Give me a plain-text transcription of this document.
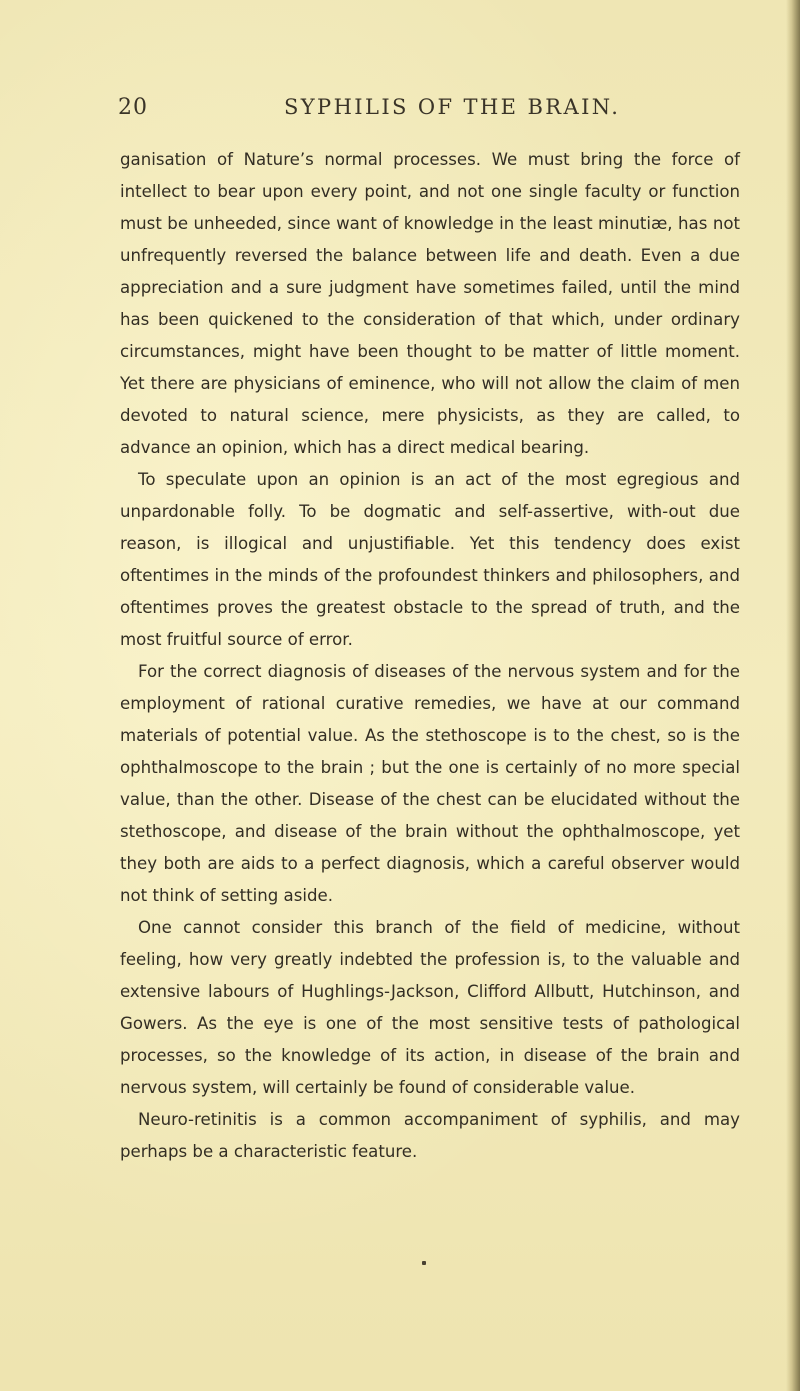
20	SYPHILIS OF THE BRAIN.

ganisation of Nature’s normal processes. We must bring the force of intellect to bear upon every point, and not one single faculty or function must be unheeded, since want of knowledge in the least minutiæ, has not unfrequently reversed the balance between life and death. Even a due appreciation and a sure judgment have sometimes failed, until the mind has been quickened to the consideration of that which, under ordinary circumstances, might have been thought to be matter of little moment. Yet there are physicians of eminence, who will not allow the claim of men devoted to natural science, mere physicists, as they are called, to advance an opinion, which has a direct medical bearing.

To speculate upon an opinion is an act of the most egregious and unpardonable folly. To be dogmatic and self-assertive, with-out due reason, is illogical and unjustifiable. Yet this tendency does exist oftentimes in the minds of the profoundest thinkers and philosophers, and oftentimes proves the greatest obstacle to the spread of truth, and the most fruitful source of error.

For the correct diagnosis of diseases of the nervous system and for the employment of rational curative remedies, we have at our command materials of potential value. As the stethoscope is to the chest, so is the ophthalmoscope to the brain ; but the one is certainly of no more special value, than the other. Disease of the chest can be elucidated without the stethoscope, and disease of the brain without the ophthalmoscope, yet they both are aids to a perfect diagnosis, which a careful observer would not think of setting aside.

One cannot consider this branch of the field of medicine, without feeling, how very greatly indebted the profession is, to the valuable and extensive labours of Hughlings-Jackson, Clifford Allbutt, Hutchinson, and Gowers. As the eye is one of the most sensitive tests of pathological processes, so the knowledge of its action, in disease of the brain and nervous system, will certainly be found of considerable value.

Neuro-retinitis is a common accompaniment of syphilis, and may perhaps be a characteristic feature.
